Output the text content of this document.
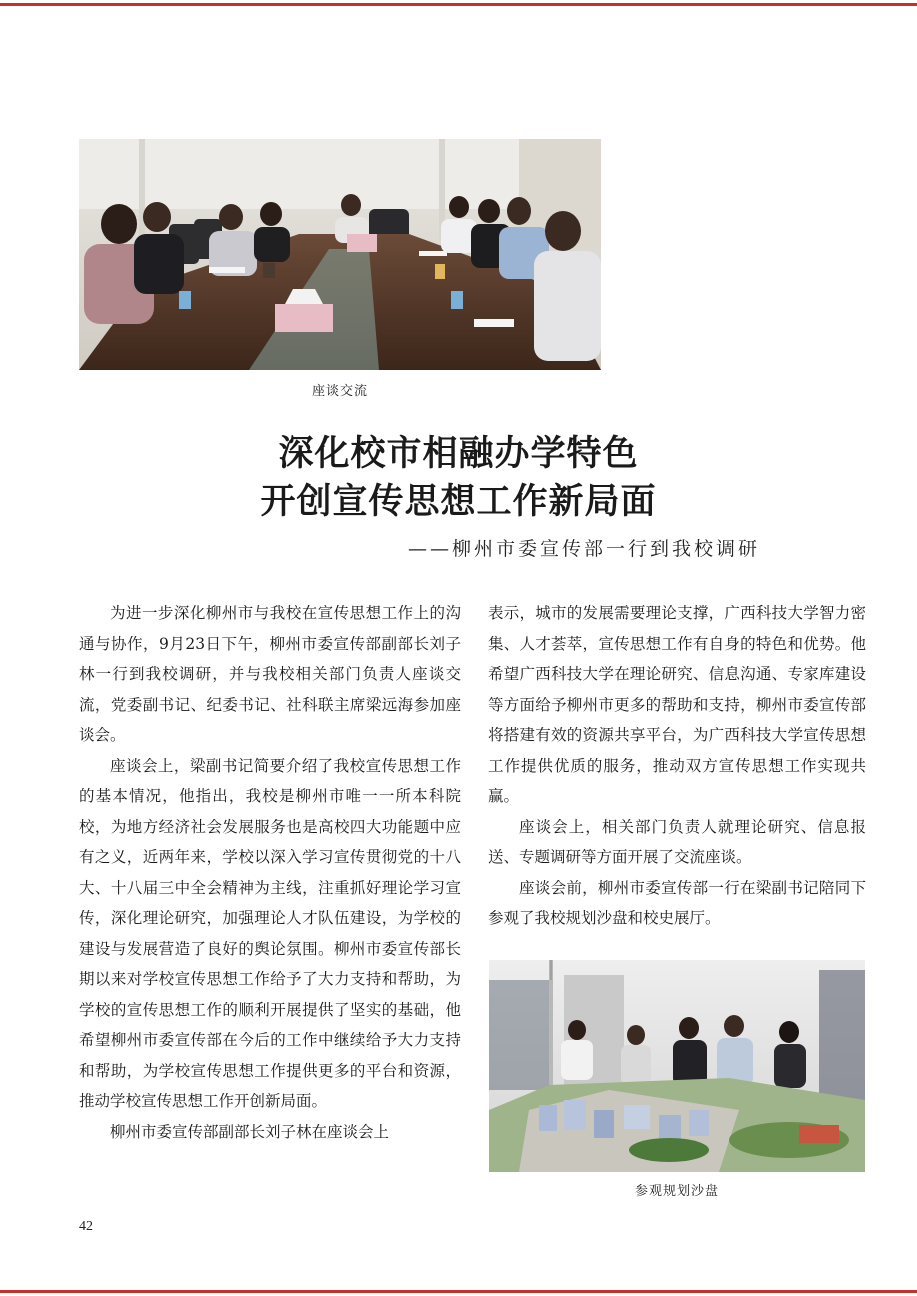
座谈交流
深化校市相融办学特色
开创宣传思想工作新局面
——柳州市委宣传部一行到我校调研

为进一步深化柳州市与我校在宣传思想工作上的沟通与协作，9月23日下午，柳州市委宣传部副部长刘子林一行到我校调研，并与我校相关部门负责人座谈交流，党委副书记、纪委书记、社科联主席梁远海参加座谈会。

座谈会上，梁副书记简要介绍了我校宣传思想工作的基本情况，他指出，我校是柳州市唯一一所本科院校，为地方经济社会发展服务也是高校四大功能题中应有之义，近两年来，学校以深入学习宣传贯彻党的十八大、十八届三中全会精神为主线，注重抓好理论学习宣传，深化理论研究，加强理论人才队伍建设，为学校的建设与发展营造了良好的舆论氛围。柳州市委宣传部长期以来对学校宣传思想工作给予了大力支持和帮助，为学校的宣传思想工作的顺利开展提供了坚实的基础，他希望柳州市委宣传部在今后的工作中继续给予大力支持和帮助，为学校宣传思想工作提供更多的平台和资源，推动学校宣传思想工作开创新局面。

柳州市委宣传部副部长刘子林在座谈会上

表示，城市的发展需要理论支撑，广西科技大学智力密集、人才荟萃，宣传思想工作有自身的特色和优势。他希望广西科技大学在理论研究、信息沟通、专家库建设等方面给予柳州市更多的帮助和支持，柳州市委宣传部将搭建有效的资源共享平台，为广西科技大学宣传思想工作提供优质的服务，推动双方宣传思想工作实现共赢。

座谈会上，相关部门负责人就理论研究、信息报送、专题调研等方面开展了交流座谈。

座谈会前，柳州市委宣传部一行在梁副书记陪同下参观了我校规划沙盘和校史展厅。

参观规划沙盘
42
